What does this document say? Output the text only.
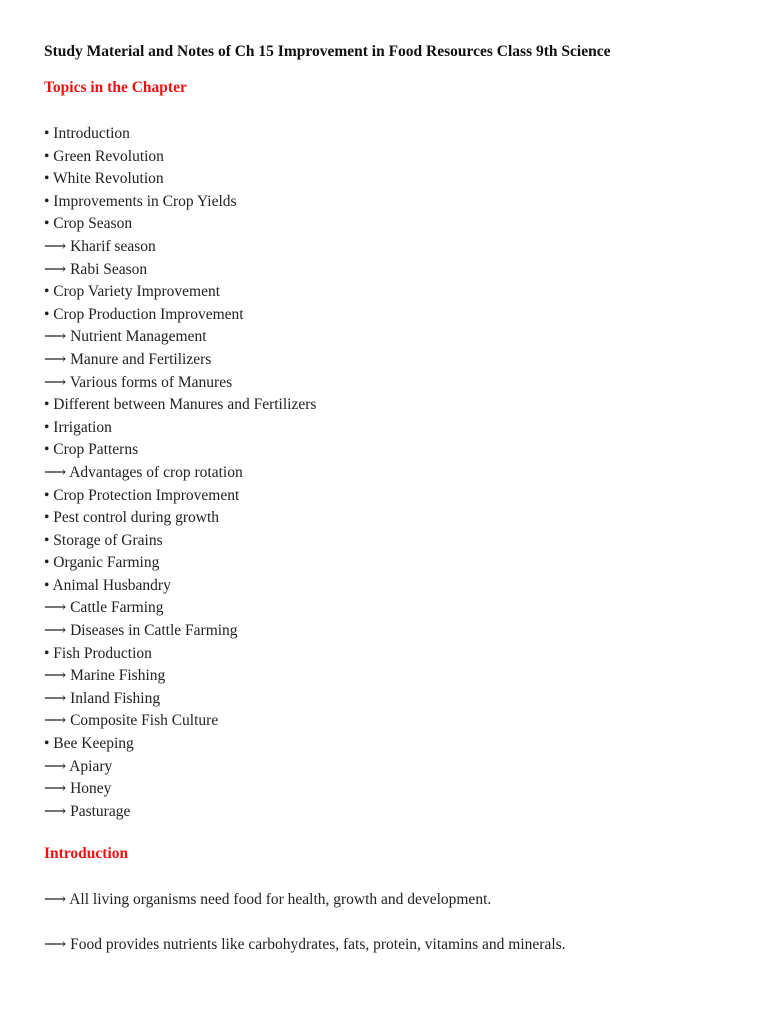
Study Material and Notes of Ch 15 Improvement in Food Resources Class 9th Science
Topics in the Chapter
• Introduction
• Green Revolution
• White Revolution
• Improvements in Crop Yields
• Crop Season
⟶ Kharif season
⟶ Rabi Season
• Crop Variety Improvement
• Crop Production Improvement
⟶ Nutrient Management
⟶ Manure and Fertilizers
⟶ Various forms of Manures
• Different between Manures and Fertilizers
• Irrigation
• Crop Patterns
⟶ Advantages of crop rotation
• Crop Protection Improvement
• Pest control during growth
• Storage of Grains
• Organic Farming
• Animal Husbandry
⟶ Cattle Farming
⟶ Diseases in Cattle Farming
• Fish Production
⟶ Marine Fishing
⟶ Inland Fishing
⟶ Composite Fish Culture
• Bee Keeping
⟶ Apiary
⟶ Honey
⟶ Pasturage
Introduction

⟶ All living organisms need food for health, growth and development.

⟶ Food provides nutrients like carbohydrates, fats, protein, vitamins and minerals.
